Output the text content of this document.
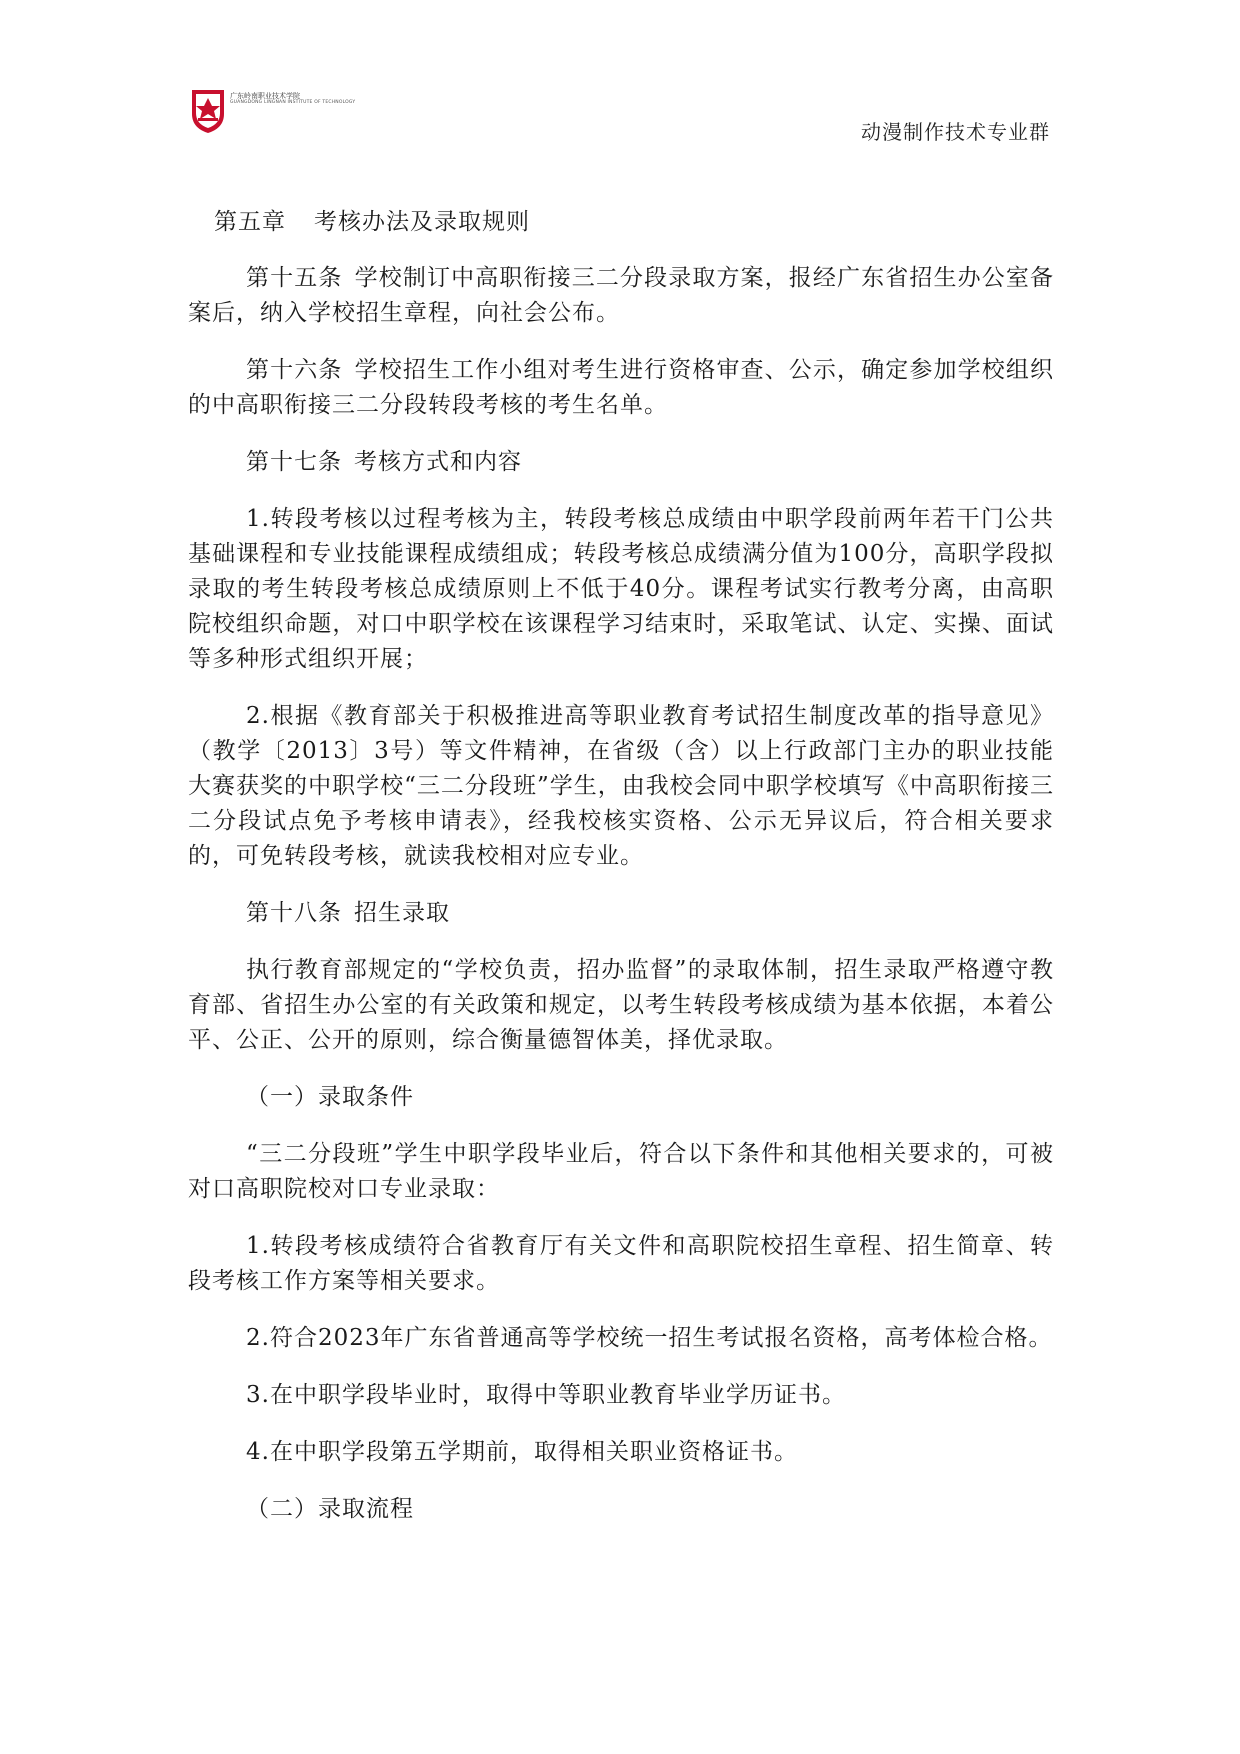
广东岭南职业技术学院
GUANGDONG LINGNAN INSTITUTE OF TECHNOLOGY
动漫制作技术专业群
第五章 考核办法及录取规则

第十五条 学校制订中高职衔接三二分段录取方案，报经广东省招生办公室备案后，纳入学校招生章程，向社会公布。

第十六条 学校招生工作小组对考生进行资格审查、公示，确定参加学校组织的中高职衔接三二分段转段考核的考生名单。

第十七条 考核方式和内容

1.转段考核以过程考核为主，转段考核总成绩由中职学段前两年若干门公共基础课程和专业技能课程成绩组成；转段考核总成绩满分值为100分，高职学段拟录取的考生转段考核总成绩原则上不低于40分。课程考试实行教考分离，由高职院校组织命题，对口中职学校在该课程学习结束时，采取笔试、认定、实操、面试等多种形式组织开展；

2.根据《教育部关于积极推进高等职业教育考试招生制度改革的指导意见》（教学〔2013〕3号）等文件精神，在省级（含）以上行政部门主办的职业技能大赛获奖的中职学校“三二分段班”学生，由我校会同中职学校填写《中高职衔接三二分段试点免予考核申请表》，经我校核实资格、公示无异议后，符合相关要求的，可免转段考核，就读我校相对应专业。

第十八条 招生录取

执行教育部规定的“学校负责，招办监督”的录取体制，招生录取严格遵守教育部、省招生办公室的有关政策和规定，以考生转段考核成绩为基本依据，本着公平、公正、公开的原则，综合衡量德智体美，择优录取。

（一）录取条件

“三二分段班”学生中职学段毕业后，符合以下条件和其他相关要求的，可被对口高职院校对口专业录取：

1.转段考核成绩符合省教育厅有关文件和高职院校招生章程、招生简章、转段考核工作方案等相关要求。

2.符合2023年广东省普通高等学校统一招生考试报名资格，高考体检合格。

3.在中职学段毕业时，取得中等职业教育毕业学历证书。

4.在中职学段第五学期前，取得相关职业资格证书。

（二）录取流程
